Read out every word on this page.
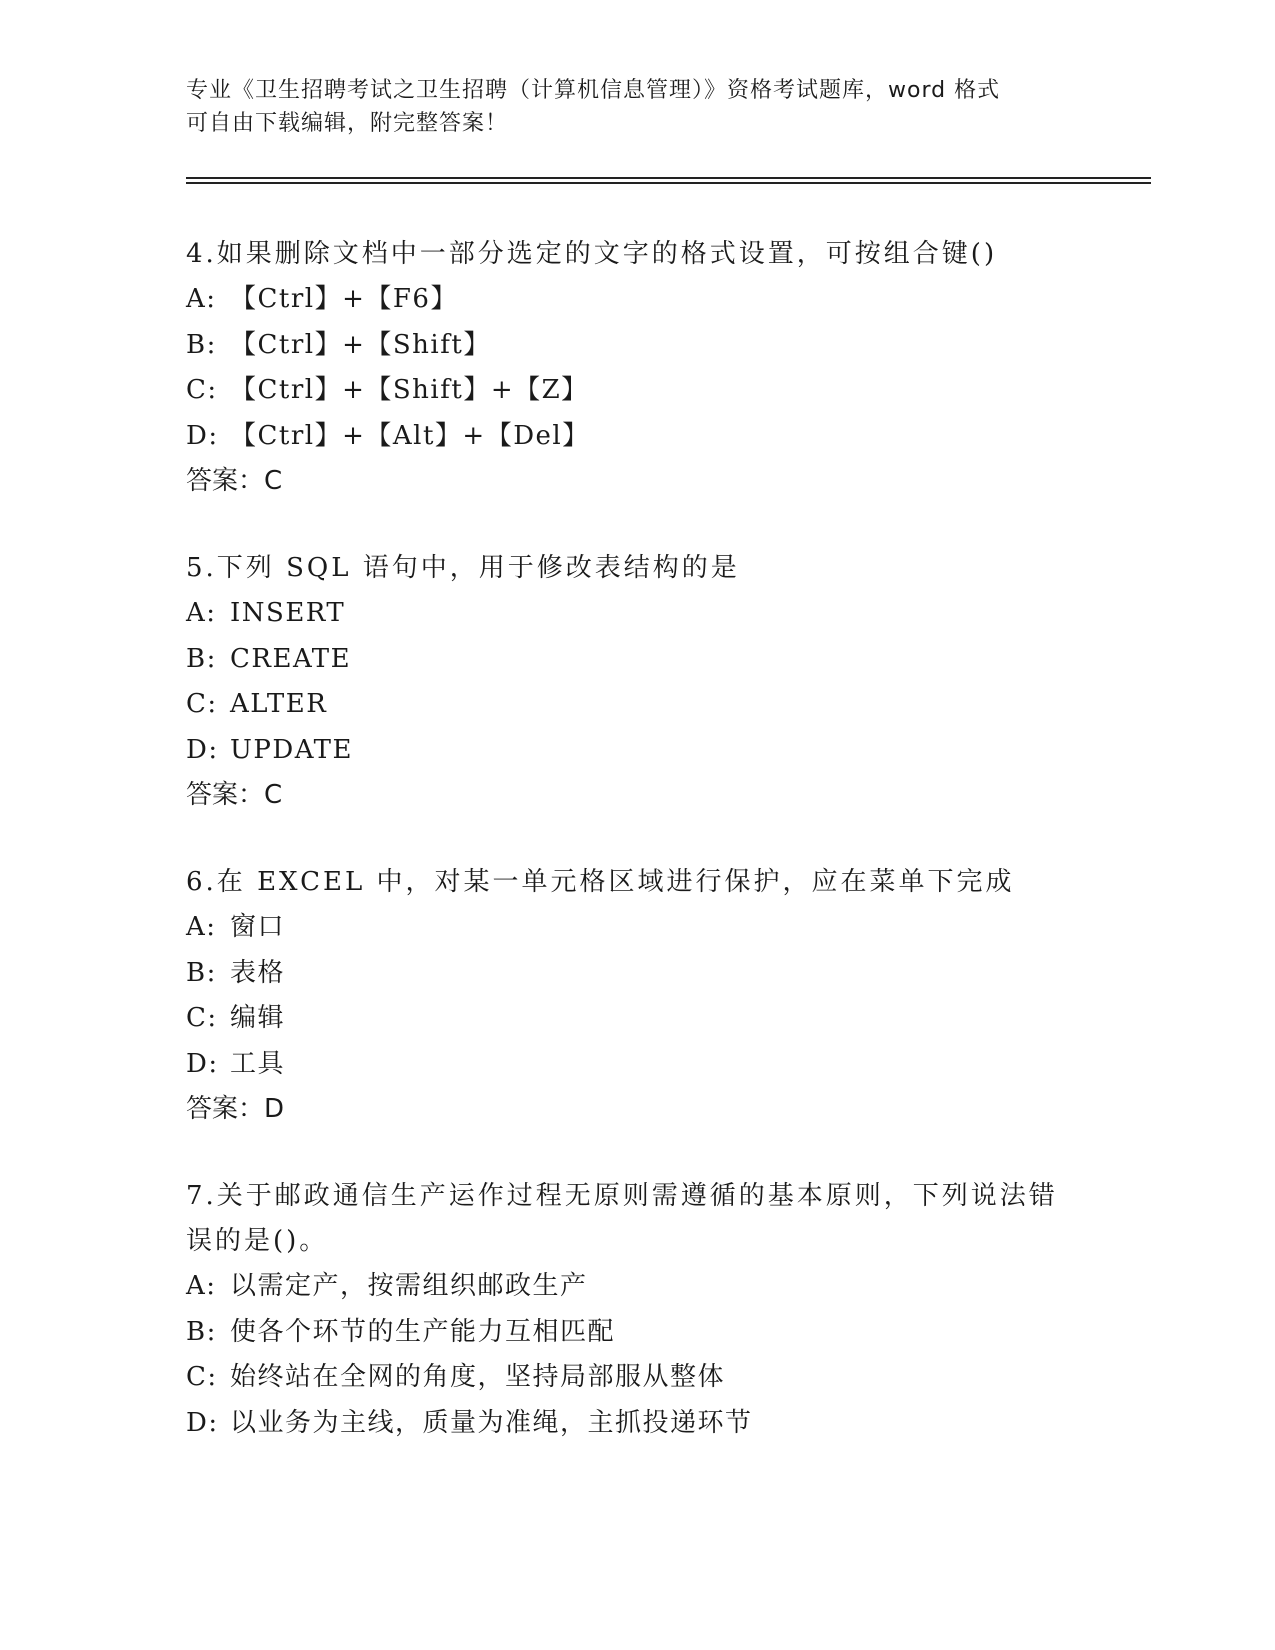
专业《卫生招聘考试之卫生招聘（计算机信息管理）》资格考试题库，word 格式
可自由下载编辑，附完整答案！

4.如果删除文档中一部分选定的文字的格式设置，可按组合键()

A: 【Ctrl】+【F6】

B: 【Ctrl】+【Shift】

C: 【Ctrl】+【Shift】+【Z】

D: 【Ctrl】+【Alt】+【Del】

答案：C

5.下列 SQL 语句中，用于修改表结构的是

A: INSERT

B: CREATE

C: ALTER

D: UPDATE

答案：C

6.在 EXCEL 中，对某一单元格区域进行保护，应在菜单下完成

A: 窗口

B: 表格

C: 编辑

D: 工具

答案：D

7.关于邮政通信生产运作过程无原则需遵循的基本原则，下列说法错
误的是()。

A: 以需定产，按需组织邮政生产

B: 使各个环节的生产能力互相匹配

C: 始终站在全网的角度，坚持局部服从整体

D: 以业务为主线，质量为准绳，主抓投递环节
